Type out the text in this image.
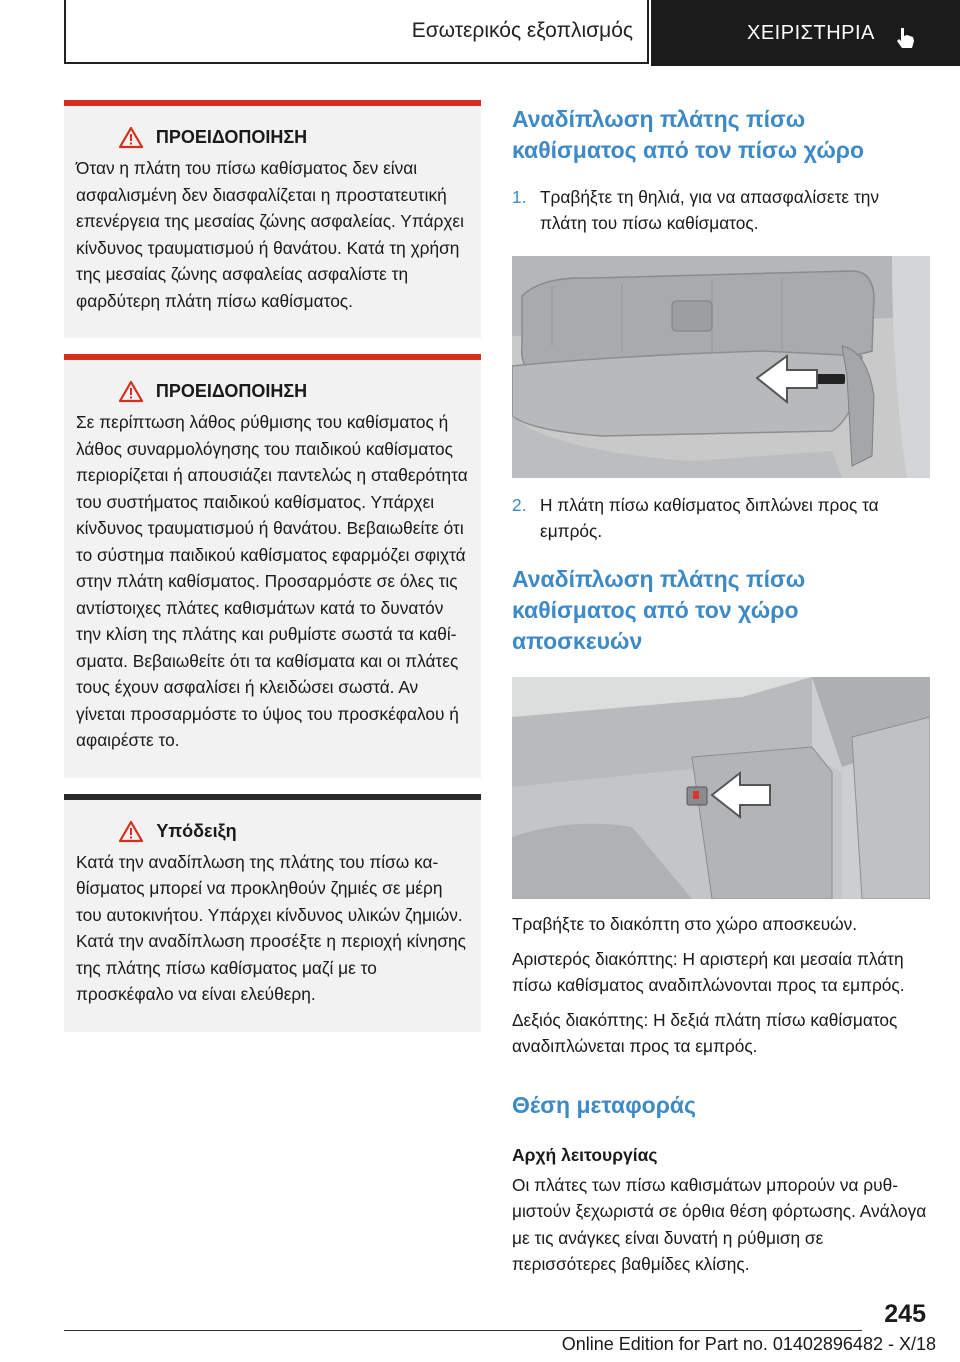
Εσωτερικός εξοπλισμός	ΧΕΙΡΙΣΤΗΡΙΑ
ΠΡΟΕΙΔΟΠΟΙΗΣΗ

Όταν η πλάτη του πίσω καθίσματος δεν είναι ασφαλισμένη δεν διασφαλίζεται η προστατευτική επενέργεια της μεσαίας ζώνης ασφαλείας. Υπάρχει κίνδυνος τραυματισμού ή θανάτου. Κατά τη χρήση της μεσαίας ζώνης ασφαλείας ασφαλίστε τη φαρδύτερη πλάτη πίσω καθίσματος.

ΠΡΟΕΙΔΟΠΟΙΗΣΗ

Σε περίπτωση λάθος ρύθμισης του καθίσματος ή λάθος συναρμολόγησης του παιδικού καθίσματος περιορίζεται ή απουσιάζει παντελώς η σταθερότητα του συστήματος παιδικού καθίσματος. Υπάρχει κίνδυνος τραυματισμού ή θανάτου. Βεβαιωθείτε ότι το σύστημα παιδικού καθίσματος εφαρμόζει σφιχτά στην πλάτη καθίσματος. Προσαρμόστε σε όλες τις αντίστοιχες πλάτες καθισμάτων κατά το δυνατόν την κλίση της πλάτης και ρυθμίστε σωστά τα καθίσματα. Βεβαιωθείτε ότι τα καθίσματα και οι πλάτες τους έχουν ασφαλίσει ή κλειδώσει σωστά. Αν γίνεται προσαρμόστε το ύψος του προσκέφαλου ή αφαιρέστε το.

Υπόδειξη

Κατά την αναδίπλωση της πλάτης του πίσω καθίσματος μπορεί να προκληθούν ζημιές σε μέρη του αυτοκινήτου. Υπάρχει κίνδυνος υλικών ζημιών. Κατά την αναδίπλωση προσέξτε η περιοχή κίνησης της πλάτης πίσω καθίσματος μαζί με το προσκέφαλο να είναι ελεύθερη.

Αναδίπλωση πλάτης πίσω καθίσματος από τον πίσω χώρο
1. Τραβήξτε τη θηλιά, για να απασφαλίσετε την πλάτη του πίσω καθίσματος.
2. Η πλάτη πίσω καθίσματος διπλώνει προς τα εμπρός.
Αναδίπλωση πλάτης πίσω καθίσματος από τον χώρο αποσκευών

Τραβήξτε το διακόπτη στο χώρο αποσκευών.

Αριστερός διακόπτης: Η αριστερή και μεσαία πλάτη πίσω καθίσματος αναδιπλώνονται προς τα εμπρός.

Δεξιός διακόπτης: Η δεξιά πλάτη πίσω καθίσματος αναδιπλώνεται προς τα εμπρός.

Θέση μεταφοράς
Αρχή λειτουργίας

Οι πλάτες των πίσω καθισμάτων μπορούν να ρυθμιστούν ξεχωριστά σε όρθια θέση φόρτωσης. Ανάλογα με τις ανάγκες είναι δυνατή η ρύθμιση σε περισσότερες βαθμίδες κλίσης.

245
Online Edition for Part no. 01402896482 - X/18
